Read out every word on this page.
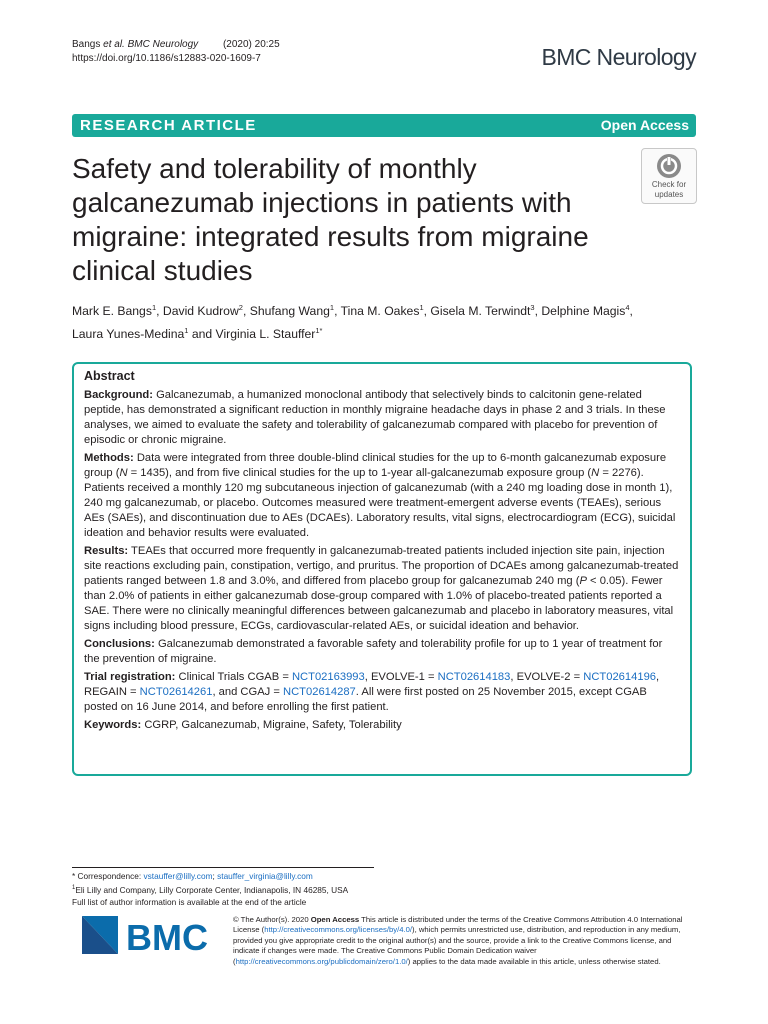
Bangs et al. BMC Neurology (2020) 20:25
https://doi.org/10.1186/s12883-020-1609-7	BMC Neurology
RESEARCH ARTICLE	Open Access
Safety and tolerability of monthly galcanezumab injections in patients with migraine: integrated results from migraine clinical studies
Check for
updates
Mark E. Bangs$^1$, David Kudrow$^2$, Shufang Wang$^1$, Tina M. Oakes$^1$, Gisela M. Terwindt$^3$, Delphine Magis$^4$,
Laura Yunes-Medina$^1$ and Virginia L. Stauffer$^{1*}$
Abstract

Background: Galcanezumab, a humanized monoclonal antibody that selectively binds to calcitonin gene-related peptide, has demonstrated a significant reduction in monthly migraine headache days in phase 2 and 3 trials. In these analyses, we aimed to evaluate the safety and tolerability of galcanezumab compared with placebo for prevention of episodic or chronic migraine.

Methods: Data were integrated from three double-blind clinical studies for the up to 6-month galcanezumab exposure group (N = 1435), and from five clinical studies for the up to 1-year all-galcanezumab exposure group (N = 2276). Patients received a monthly 120 mg subcutaneous injection of galcanezumab (with a 240 mg loading dose in month 1), 240 mg galcanezumab, or placebo. Outcomes measured were treatment-emergent adverse events (TEAEs), serious AEs (SAEs), and discontinuation due to AEs (DCAEs). Laboratory results, vital signs, electrocardiogram (ECG), suicidal ideation and behavior results were evaluated.

Results: TEAEs that occurred more frequently in galcanezumab-treated patients included injection site pain, injection site reactions excluding pain, constipation, vertigo, and pruritus. The proportion of DCAEs among galcanezumab-treated patients ranged between 1.8 and 3.0%, and differed from placebo group for galcanezumab 240 mg (P < 0.05). Fewer than 2.0% of patients in either galcanezumab dose-group compared with 1.0% of placebo-treated patients reported a SAE. There were no clinically meaningful differences between galcanezumab and placebo in laboratory measures, vital signs including blood pressure, ECGs, cardiovascular-related AEs, or suicidal ideation and behavior.

Conclusions: Galcanezumab demonstrated a favorable safety and tolerability profile for up to 1 year of treatment for the prevention of migraine.

Trial registration: Clinical Trials CGAB = NCT02163993, EVOLVE-1 = NCT02614183, EVOLVE-2 = NCT02614196, REGAIN = NCT02614261, and CGAJ = NCT02614287. All were first posted on 25 November 2015, except CGAB posted on 16 June 2014, and before enrolling the first patient.

Keywords: CGRP, Galcanezumab, Migraine, Safety, Tolerability

* Correspondence: vstauffer@lilly.com; stauffer_virginia@lilly.com
$^1$Eli Lilly and Company, Lilly Corporate Center, Indianapolis, IN 46285, USA
Full list of author information is available at the end of the article
BMC	© The Author(s). 2020 Open Access This article is distributed under the terms of the Creative Commons Attribution 4.0 International License (http://creativecommons.org/licenses/by/4.0/), which permits unrestricted use, distribution, and reproduction in any medium, provided you give appropriate credit to the original author(s) and the source, provide a link to the Creative Commons license, and indicate if changes were made. The Creative Commons Public Domain Dedication waiver (http://creativecommons.org/publicdomain/zero/1.0/) applies to the data made available in this article, unless otherwise stated.
